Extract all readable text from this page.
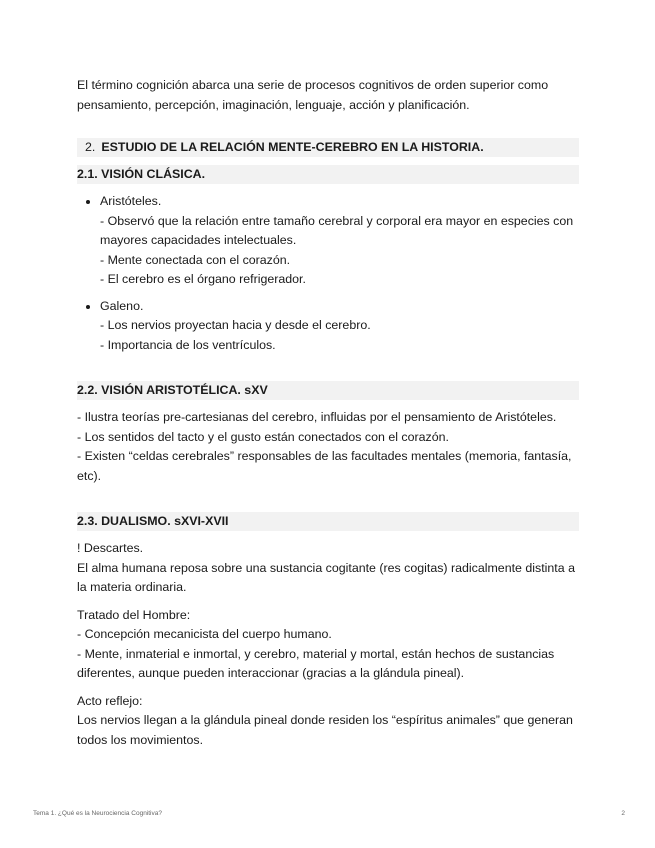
El término cognición abarca una serie de procesos cognitivos de orden superior como pensamiento, percepción, imaginación, lenguaje, acción y planificación.

2. ESTUDIO DE LA RELACIÓN MENTE-CEREBRO EN LA HISTORIA.
2.1. VISIÓN CLÁSICA.

Aristóteles.

- Observó que la relación entre tamaño cerebral y corporal era mayor en especies con mayores capacidades intelectuales.

- Mente conectada con el corazón.

- El cerebro es el órgano refrigerador.

Galeno.

- Los nervios proyectan hacia y desde el cerebro.

- Importancia de los ventrículos.

2.2. VISIÓN ARISTOTÉLICA. sXV

- Ilustra teorías pre-cartesianas del cerebro, influidas por el pensamiento de Aristóteles.

- Los sentidos del tacto y el gusto están conectados con el corazón.

- Existen “celdas cerebrales” responsables de las facultades mentales (memoria, fantasía, etc).

2.3. DUALISMO. sXVI-XVII

! Descartes.

El alma humana reposa sobre una sustancia cogitante (res cogitas) radicalmente distinta a la materia ordinaria.

Tratado del Hombre:

- Concepción mecanicista del cuerpo humano.

- Mente, inmaterial e inmortal, y cerebro, material y mortal, están hechos de sustancias diferentes, aunque pueden interaccionar (gracias a la glándula pineal).

Acto reflejo:

Los nervios llegan a la glándula pineal donde residen los “espíritus animales” que generan todos los movimientos.

Tema 1. ¿Qué es la Neurociencia Cognitiva?	2
